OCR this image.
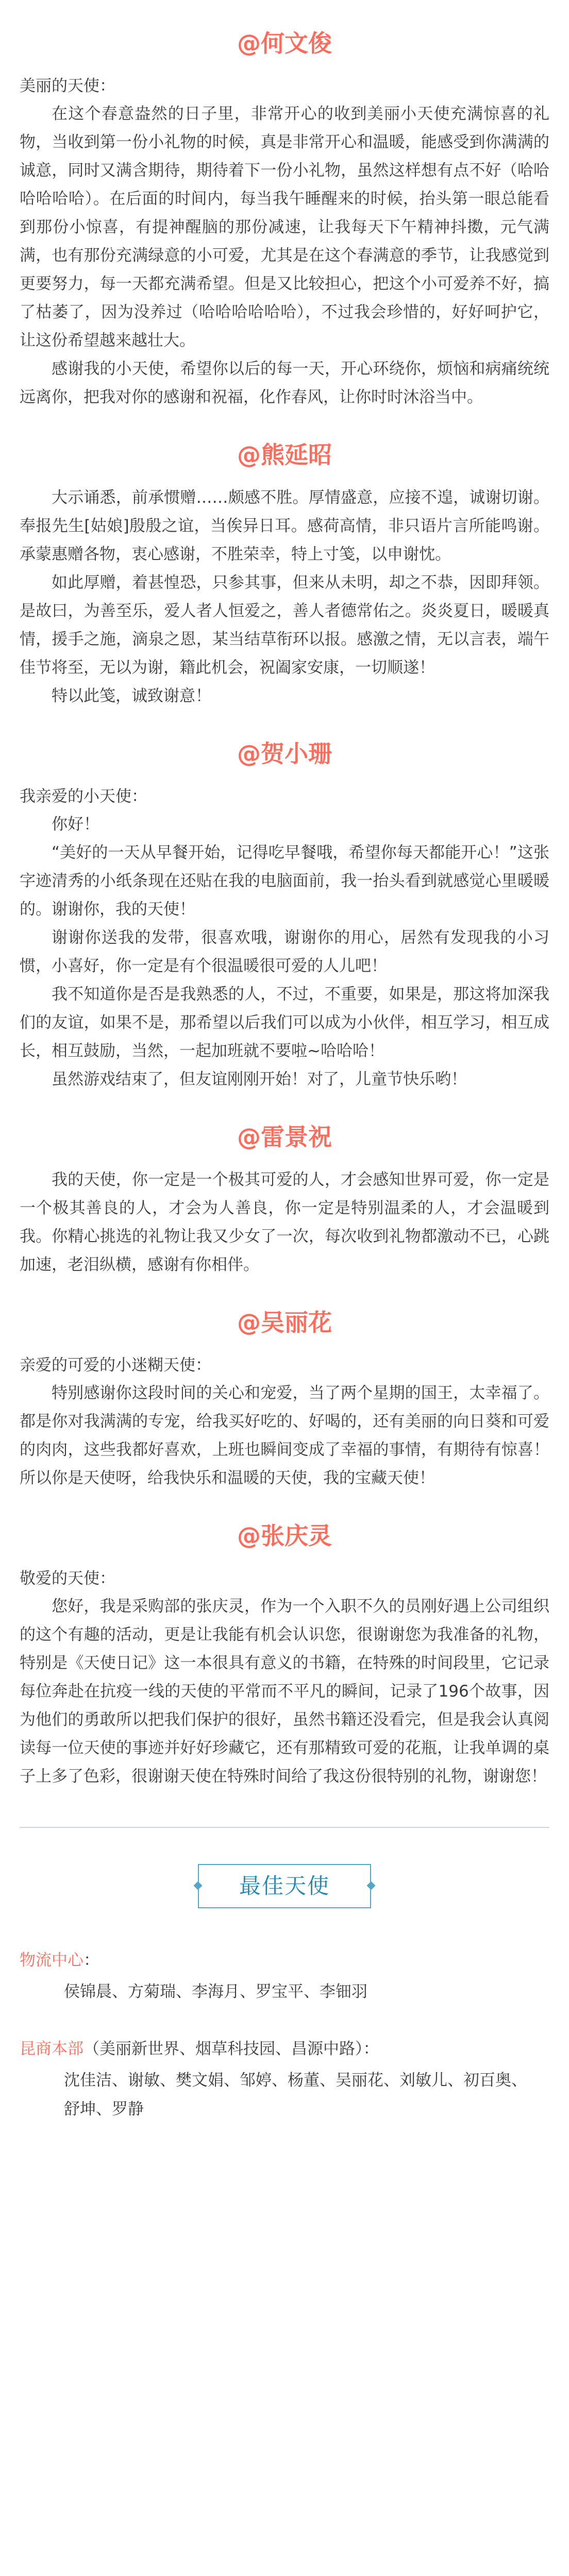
@何文俊

美丽的天使：

在这个春意盎然的日子里，非常开心的收到美丽小天使充满惊喜的礼物，当收到第一份小礼物的时候，真是非常开心和温暖，能感受到你满满的诚意，同时又满含期待，期待着下一份小礼物，虽然这样想有点不好（哈哈哈哈哈哈）。在后面的时间内，每当我午睡醒来的时候，抬头第一眼总能看到那份小惊喜，有提神醒脑的那份减速，让我每天下午精神抖擞，元气满满，也有那份充满绿意的小可爱，尤其是在这个春满意的季节，让我感觉到更要努力，每一天都充满希望。但是又比较担心，把这个小可爱养不好，搞了枯萎了，因为没养过（哈哈哈哈哈哈），不过我会珍惜的，好好呵护它，让这份希望越来越壮大。

感谢我的小天使，希望你以后的每一天，开心环绕你，烦恼和病痛统统远离你，把我对你的感谢和祝福，化作春风，让你时时沐浴当中。

@熊延昭

大示诵悉，前承惯赠……颇感不胜。厚情盛意，应接不遑，诚谢切谢。奉报先生[姑娘]殷殷之谊，当俟异日耳。感荷高情，非只语片言所能鸣谢。承蒙惠赠各物，衷心感谢，不胜荣幸，特上寸笺，以申谢忱。

如此厚赠，着甚惶恐，只参其事，但来从未明，却之不恭，因即拜领。是故曰，为善至乐，爱人者人恒爱之，善人者德常佑之。炎炎夏日，暖暖真情，援手之施，滴泉之恩，某当结草衔环以报。感激之情，无以言表，端午佳节将至，无以为谢，籍此机会，祝阖家安康，一切顺遂！

特以此笺，诚致谢意！

@贺小珊

我亲爱的小天使：

你好！

“美好的一天从早餐开始，记得吃早餐哦，希望你每天都能开心！”这张字迹清秀的小纸条现在还贴在我的电脑面前，我一抬头看到就感觉心里暖暖的。谢谢你，我的天使！

谢谢你送我的发带，很喜欢哦，谢谢你的用心，居然有发现我的小习惯，小喜好，你一定是有个很温暖很可爱的人儿吧！

我不知道你是否是我熟悉的人，不过，不重要，如果是，那这将加深我们的友谊，如果不是，那希望以后我们可以成为小伙伴，相互学习，相互成长，相互鼓励，当然，一起加班就不要啦~哈哈哈！

虽然游戏结束了，但友谊刚刚开始！对了，儿童节快乐哟！

@雷景祝

我的天使，你一定是一个极其可爱的人，才会感知世界可爱，你一定是一个极其善良的人，才会为人善良，你一定是特别温柔的人，才会温暖到我。你精心挑选的礼物让我又少女了一次，每次收到礼物都激动不已，心跳加速，老泪纵横，感谢有你相伴。

@吴丽花

亲爱的可爱的小迷糊天使：

特别感谢你这段时间的关心和宠爱，当了两个星期的国王，太幸福了。都是你对我满满的专宠，给我买好吃的、好喝的，还有美丽的向日葵和可爱的肉肉，这些我都好喜欢，上班也瞬间变成了幸福的事情，有期待有惊喜！所以你是天使呀，给我快乐和温暖的天使，我的宝藏天使！

@张庆灵

敬爱的天使：

您好，我是采购部的张庆灵，作为一个入职不久的员刚好遇上公司组织的这个有趣的活动，更是让我能有机会认识您，很谢谢您为我准备的礼物，特别是《天使日记》这一本很具有意义的书籍，在特殊的时间段里，它记录每位奔赴在抗疫一线的天使的平常而不平凡的瞬间，记录了196个故事，因为他们的勇敢所以把我们保护的很好，虽然书籍还没看完，但是我会认真阅读每一位天使的事迹并好好珍藏它，还有那精致可爱的花瓶，让我单调的桌子上多了色彩，很谢谢天使在特殊时间给了我这份很特别的礼物，谢谢您！

最佳天使

物流中心：

侯锦晨、方菊瑞、李海月、罗宝平、李钿羽

昆商本部（美丽新世界、烟草科技园、昌源中路）：

沈佳洁、谢敏、樊文娟、邹婷、杨董、吴丽花、刘敏儿、初百奥、舒坤、罗静
